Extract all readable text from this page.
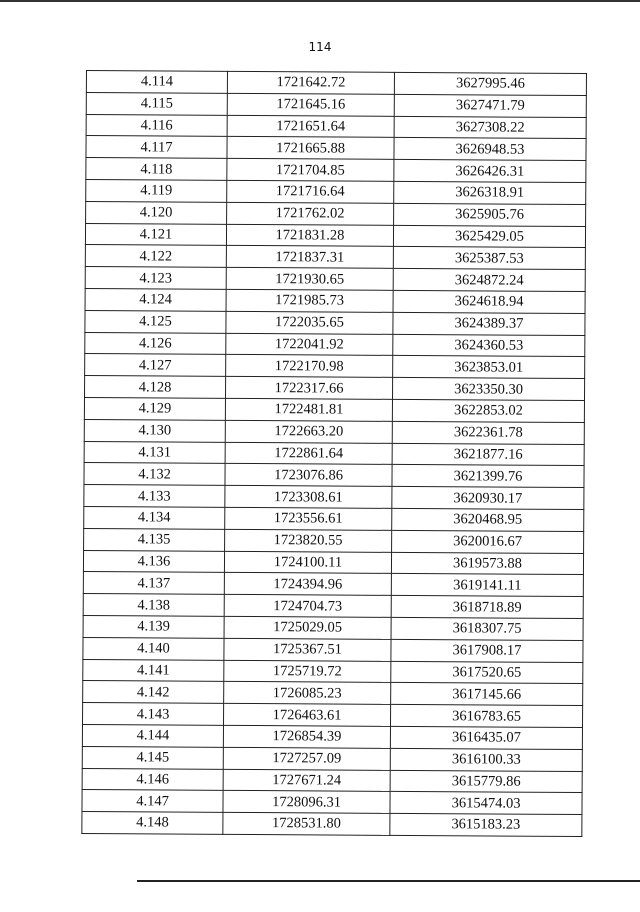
114
4.114	1721642.72	3627995.46
4.115	1721645.16	3627471.79
4.116	1721651.64	3627308.22
4.117	1721665.88	3626948.53
4.118	1721704.85	3626426.31
4.119	1721716.64	3626318.91
4.120	1721762.02	3625905.76
4.121	1721831.28	3625429.05
4.122	1721837.31	3625387.53
4.123	1721930.65	3624872.24
4.124	1721985.73	3624618.94
4.125	1722035.65	3624389.37
4.126	1722041.92	3624360.53
4.127	1722170.98	3623853.01
4.128	1722317.66	3623350.30
4.129	1722481.81	3622853.02
4.130	1722663.20	3622361.78
4.131	1722861.64	3621877.16
4.132	1723076.86	3621399.76
4.133	1723308.61	3620930.17
4.134	1723556.61	3620468.95
4.135	1723820.55	3620016.67
4.136	1724100.11	3619573.88
4.137	1724394.96	3619141.11
4.138	1724704.73	3618718.89
4.139	1725029.05	3618307.75
4.140	1725367.51	3617908.17
4.141	1725719.72	3617520.65
4.142	1726085.23	3617145.66
4.143	1726463.61	3616783.65
4.144	1726854.39	3616435.07
4.145	1727257.09	3616100.33
4.146	1727671.24	3615779.86
4.147	1728096.31	3615474.03
4.148	1728531.80	3615183.23
